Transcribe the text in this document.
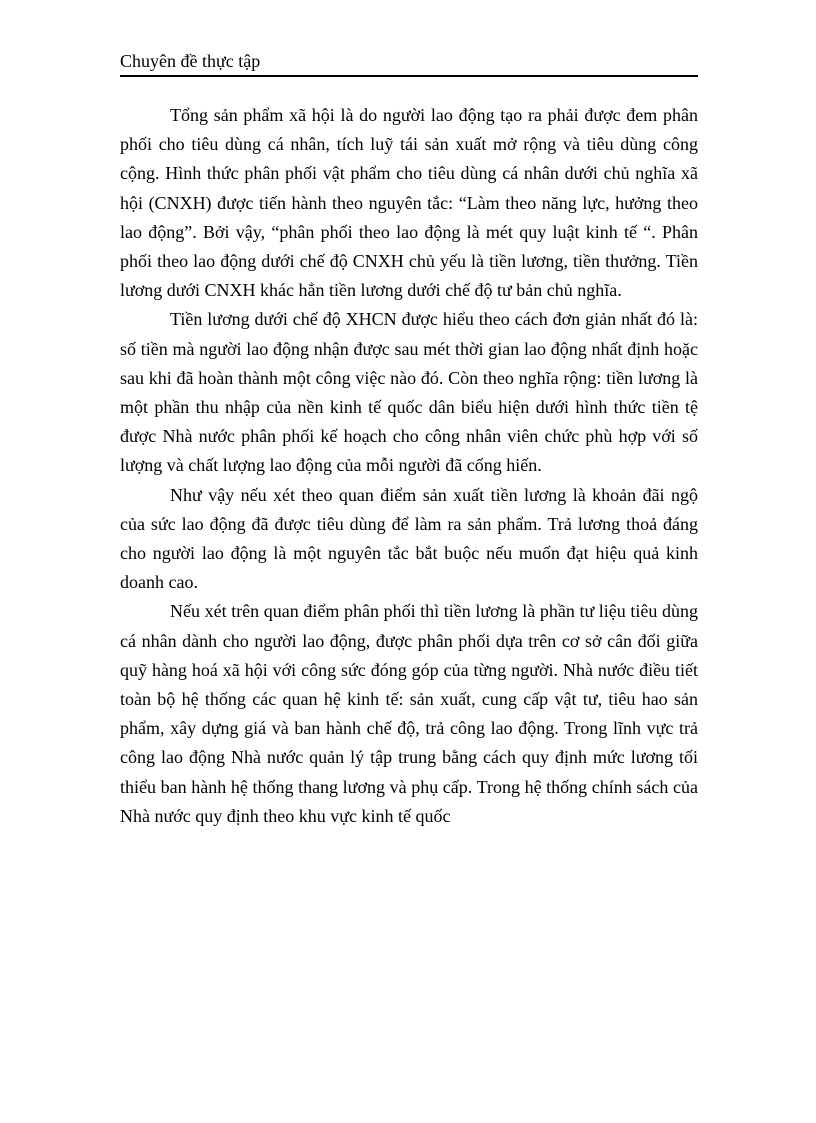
Chuyên đề thực tập

Tổng sản phẩm xã hội là do người lao động tạo ra phải được đem phân phối cho tiêu dùng cá nhân, tích luỹ tái sản xuất mở rộng và tiêu dùng công cộng. Hình thức phân phối vật phẩm cho tiêu dùng cá nhân dưới chủ nghĩa xã hội (CNXH) được tiến hành theo nguyên tắc: “Làm theo năng lực, hưởng theo lao động”. Bởi vậy, “phân phối theo lao động là mét quy luật kinh tế “. Phân phối theo lao động dưới chế độ CNXH chủ yếu là tiền lương, tiền thưởng. Tiền lương dưới CNXH khác hẳn tiền lương dưới chế độ tư bản chủ nghĩa.

Tiền lương dưới chế độ XHCN được hiểu theo cách đơn giản nhất đó là: số tiền mà người lao động nhận được sau mét thời gian lao động nhất định hoặc sau khi đã hoàn thành một công việc nào đó. Còn theo nghĩa rộng: tiền lương là một phần thu nhập của nền kinh tế quốc dân biểu hiện dưới hình thức tiền tệ được Nhà nước phân phối kế hoạch cho công nhân viên chức phù hợp với số lượng và chất lượng lao động của mỗi người đã cống hiến.

Như vậy nếu xét theo quan điểm sản xuất tiền lương là khoản đãi ngộ của sức lao động đã được tiêu dùng để làm ra sản phẩm. Trả lương thoả đáng cho người lao động là một nguyên tắc bắt buộc nếu muốn đạt hiệu quả kinh doanh cao.

Nếu xét trên quan điểm phân phối thì tiền lương là phần tư liệu tiêu dùng cá nhân dành cho người lao động, được phân phối dựa trên cơ sở cân đối giữa quỹ hàng hoá xã hội với công sức đóng góp của từng người. Nhà nước điều tiết toàn bộ hệ thống các quan hệ kinh tế: sản xuất, cung cấp vật tư, tiêu hao sản phẩm, xây dựng giá và ban hành chế độ, trả công lao động. Trong lĩnh vực trả công lao động Nhà nước quản lý tập trung bằng cách quy định mức lương tối thiểu ban hành hệ thống thang lương và phụ cấp. Trong hệ thống chính sách của Nhà nước quy định theo khu vực kinh tế quốc
